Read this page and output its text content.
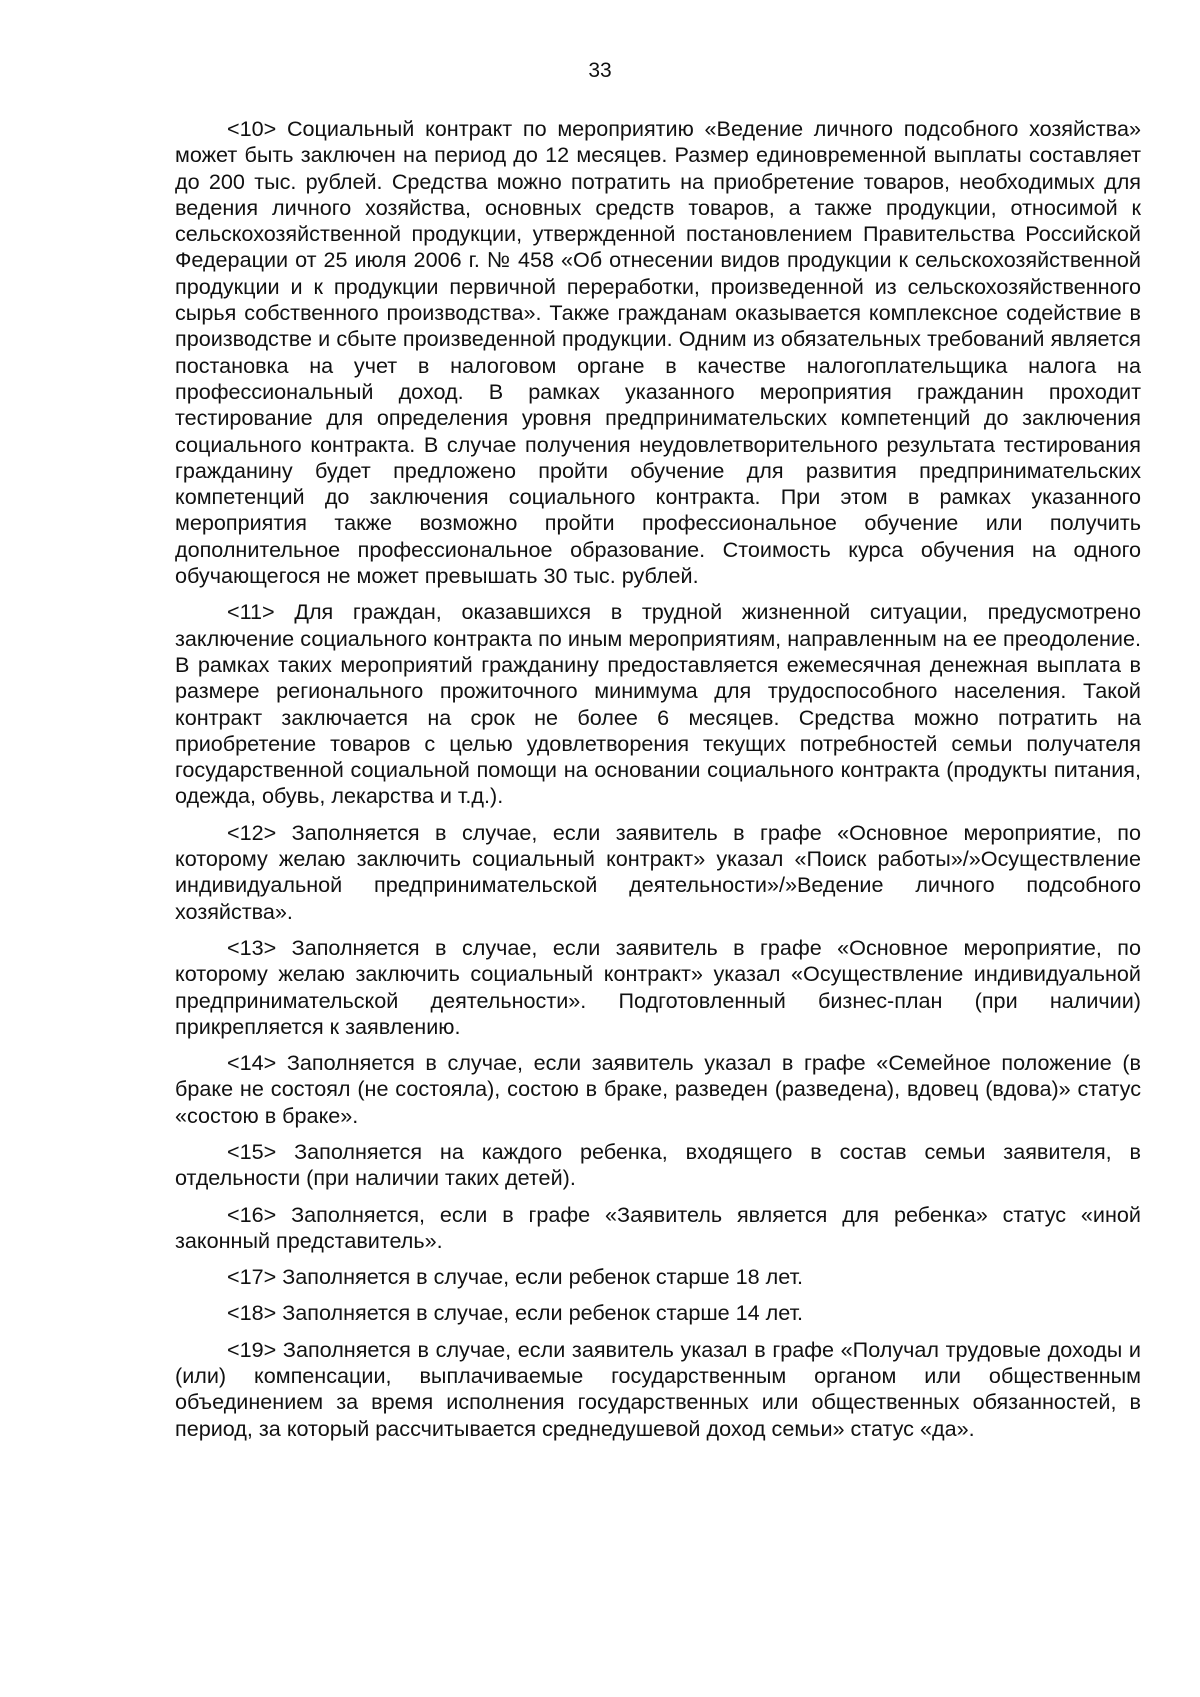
33

<10> Социальный контракт по мероприятию «Ведение личного подсобного хозяйства» может быть заключен на период до 12 месяцев. Размер единовременной выплаты составляет до 200 тыс. рублей. Средства можно потратить на приобретение товаров, необходимых для ведения личного хозяйства, основных средств товаров, а также продукции, относимой к сельскохозяйственной продукции, утвержденной постановлением Правительства Российской Федерации от 25 июля 2006 г. № 458 «Об отнесении видов продукции к сельскохозяйственной продукции и к продукции первичной переработки, произведенной из сельскохозяйственного сырья собственного производства». Также гражданам оказывается комплексное содействие в производстве и сбыте произведенной продукции. Одним из обязательных требований является постановка на учет в налоговом органе в качестве налогоплательщика налога на профессиональный доход. В рамках указанного мероприятия гражданин проходит тестирование для определения уровня предпринимательских компетенций до заключения социального контракта. В случае получения неудовлетворительного результата тестирования гражданину будет предложено пройти обучение для развития предпринимательских компетенций до заключения социального контракта. При этом в рамках указанного мероприятия также возможно пройти профессиональное обучение или получить дополнительное профессиональное образование. Стоимость курса обучения на одного обучающегося не может превышать 30 тыс. рублей.

<11> Для граждан, оказавшихся в трудной жизненной ситуации, предусмотрено заключение социального контракта по иным мероприятиям, направленным на ее преодоление. В рамках таких мероприятий гражданину предоставляется ежемесячная денежная выплата в размере регионального прожиточного минимума для трудоспособного населения. Такой контракт заключается на срок не более 6 месяцев. Средства можно потратить на приобретение товаров с целью удовлетворения текущих потребностей семьи получателя государственной социальной помощи на основании социального контракта (продукты питания, одежда, обувь, лекарства и т.д.).

<12> Заполняется в случае, если заявитель в графе «Основное мероприятие, по которому желаю заключить социальный контракт» указал «Поиск работы»/»Осуществление индивидуальной предпринимательской деятельности»/»Ведение личного подсобного хозяйства».

<13> Заполняется в случае, если заявитель в графе «Основное мероприятие, по которому желаю заключить социальный контракт» указал «Осуществление индивидуальной предпринимательской деятельности». Подготовленный бизнес-план (при наличии) прикрепляется к заявлению.

<14> Заполняется в случае, если заявитель указал в графе «Семейное положение (в браке не состоял (не состояла), состою в браке, разведен (разведена), вдовец (вдова)» статус «состою в браке».

<15> Заполняется на каждого ребенка, входящего в состав семьи заявителя, в отдельности (при наличии таких детей).

<16> Заполняется, если в графе «Заявитель является для ребенка» статус «иной законный представитель».

<17> Заполняется в случае, если ребенок старше 18 лет.

<18> Заполняется в случае, если ребенок старше 14 лет.

<19> Заполняется в случае, если заявитель указал в графе «Получал трудовые доходы и (или) компенсации, выплачиваемые государственным органом или общественным объединением за время исполнения государственных или общественных обязанностей, в период, за который рассчитывается среднедушевой доход семьи» статус «да».
